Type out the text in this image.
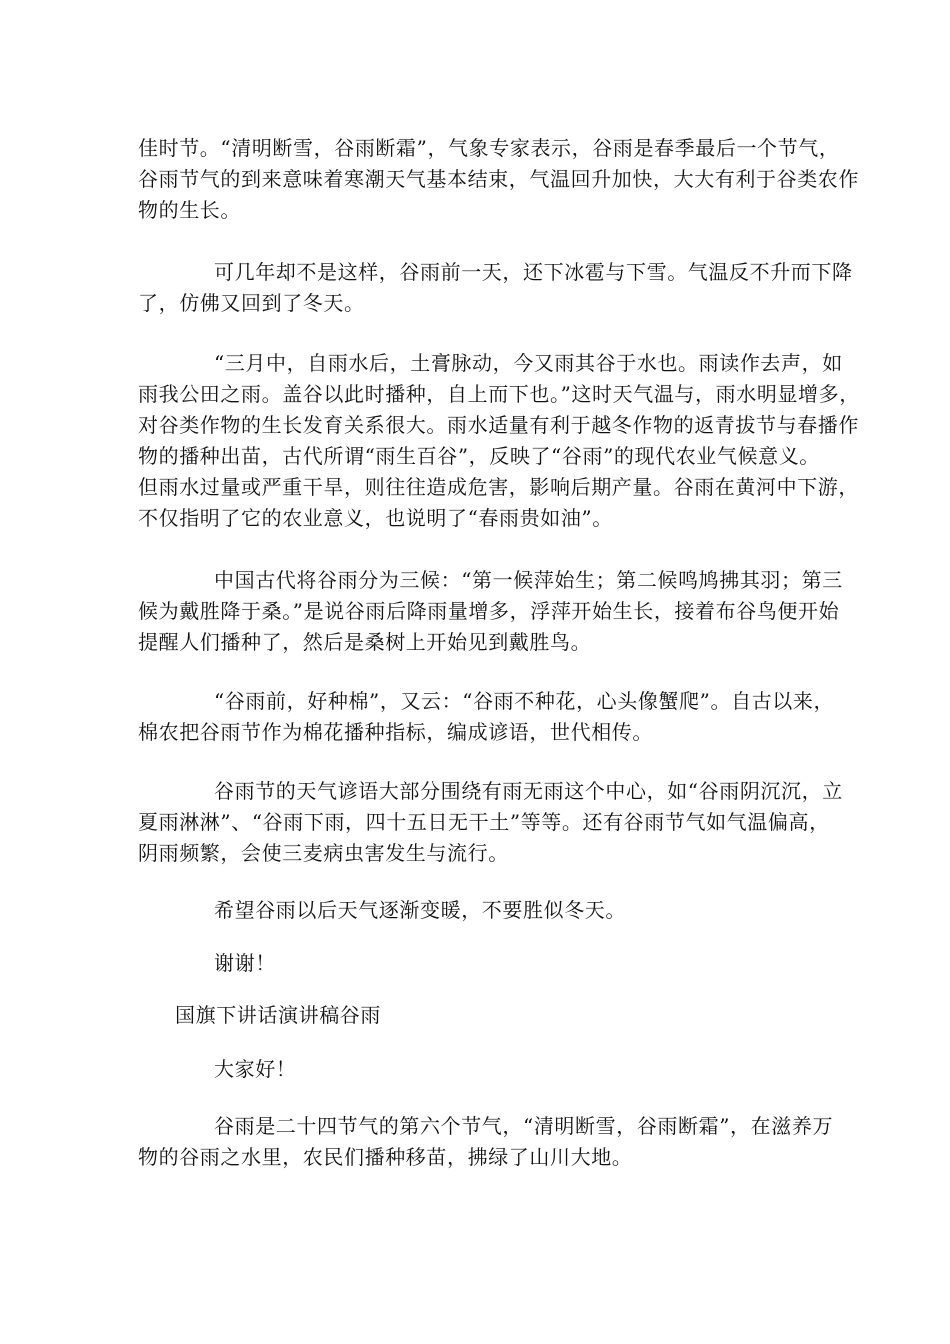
佳时节。“清明断雪，谷雨断霜”，气象专家表示，谷雨是春季最后一个节气，
谷雨节气的到来意味着寒潮天气基本结束，气温回升加快，大大有利于谷类农作
物的生长。

可几年却不是这样，谷雨前一天，还下冰雹与下雪。气温反不升而下降
了，仿佛又回到了冬天。

“三月中，自雨水后，土膏脉动，今又雨其谷于水也。雨读作去声，如
雨我公田之雨。盖谷以此时播种，自上而下也。”这时天气温与，雨水明显增多，
对谷类作物的生长发育关系很大。雨水适量有利于越冬作物的返青拔节与春播作
物的播种出苗，古代所谓“雨生百谷”，反映了“谷雨”的现代农业气候意义。
但雨水过量或严重干旱，则往往造成危害，影响后期产量。谷雨在黄河中下游，
不仅指明了它的农业意义，也说明了“春雨贵如油”。

中国古代将谷雨分为三候：“第一候萍始生；第二候鸣鸠拂其羽；第三
候为戴胜降于桑。”是说谷雨后降雨量增多，浮萍开始生长，接着布谷鸟便开始
提醒人们播种了，然后是桑树上开始见到戴胜鸟。

“谷雨前，好种棉”，又云：“谷雨不种花，心头像蟹爬”。自古以来，
棉农把谷雨节作为棉花播种指标，编成谚语，世代相传。

谷雨节的天气谚语大部分围绕有雨无雨这个中心，如“谷雨阴沉沉，立
夏雨淋淋”、“谷雨下雨，四十五日无干土”等等。还有谷雨节气如气温偏高，
阴雨频繁，会使三麦病虫害发生与流行。

希望谷雨以后天气逐渐变暖，不要胜似冬天。

谢谢！

国旗下讲话演讲稿谷雨

大家好！

谷雨是二十四节气的第六个节气，“清明断雪，谷雨断霜”，在滋养万
物的谷雨之水里，农民们播种移苗，拂绿了山川大地。
